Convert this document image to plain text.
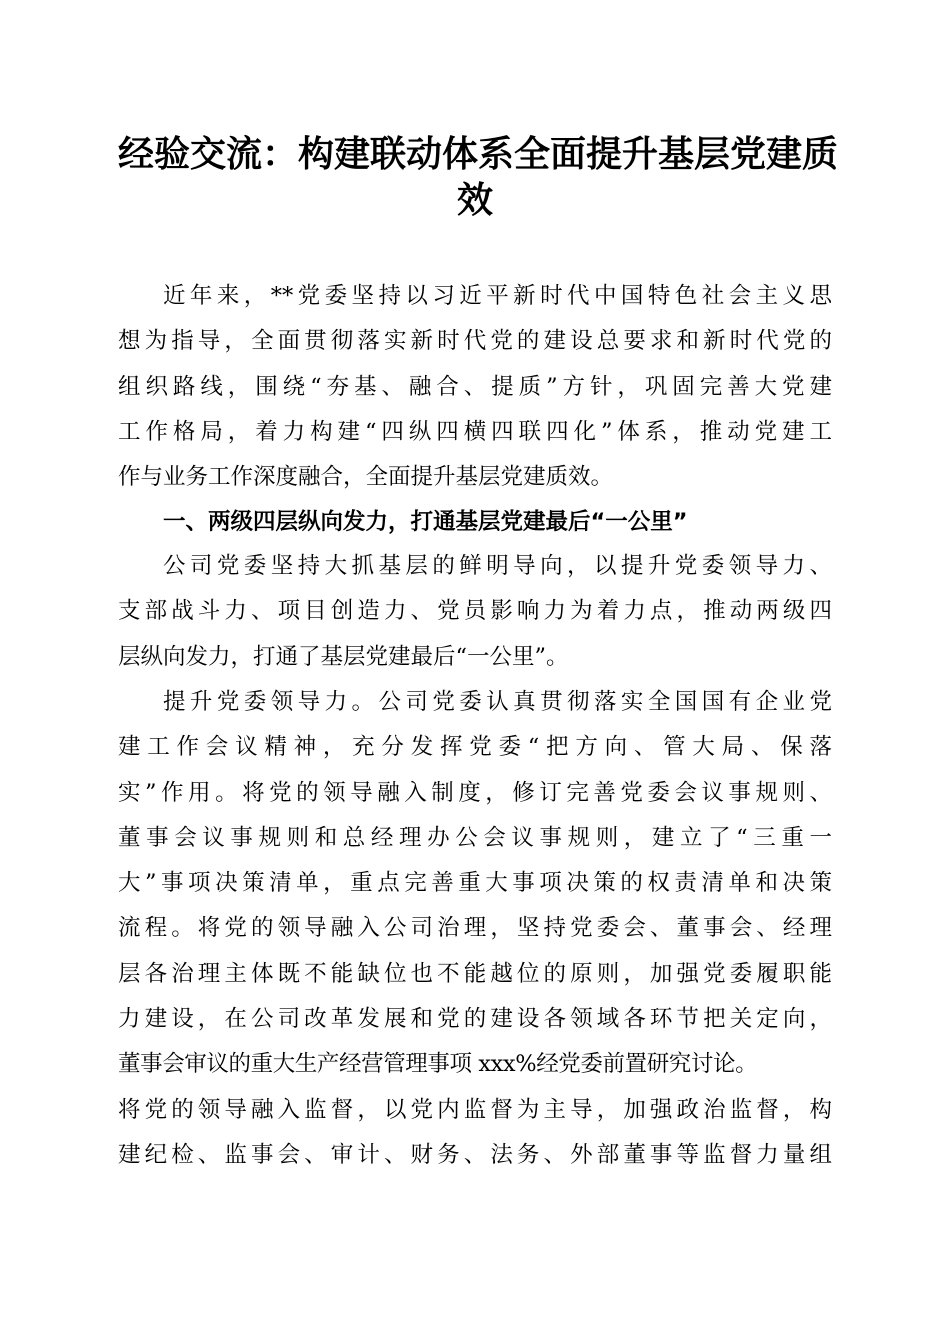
经验交流：构建联动体系全面提升基层党建质
效
近年来，**党委坚持以习近平新时代中国特色社会主义思
想为指导，全面贯彻落实新时代党的建设总要求和新时代党的
组织路线，围绕“夯基、融合、提质”方针，巩固完善大党建
工作格局，着力构建“四纵四横四联四化”体系，推动党建工
作与业务工作深度融合，全面提升基层党建质效。
一、两级四层纵向发力，打通基层党建最后“一公里”
公司党委坚持大抓基层的鲜明导向，以提升党委领导力、
支部战斗力、项目创造力、党员影响力为着力点，推动两级四
层纵向发力，打通了基层党建最后“一公里”。
提升党委领导力。公司党委认真贯彻落实全国国有企业党
建工作会议精神，充分发挥党委“把方向、管大局、保落
实”作用。将党的领导融入制度，修订完善党委会议事规则、
董事会议事规则和总经理办公会议事规则，建立了“三重一
大”事项决策清单，重点完善重大事项决策的权责清单和决策
流程。将党的领导融入公司治理，坚持党委会、董事会、经理
层各治理主体既不能缺位也不能越位的原则，加强党委履职能
力建设，在公司改革发展和党的建设各领域各环节把关定向，
董事会审议的重大生产经营管理事项 xxx%经党委前置研究讨论。
将党的领导融入监督，以党内监督为主导，加强政治监督，构
建纪检、监事会、审计、财务、法务、外部董事等监督力量组
